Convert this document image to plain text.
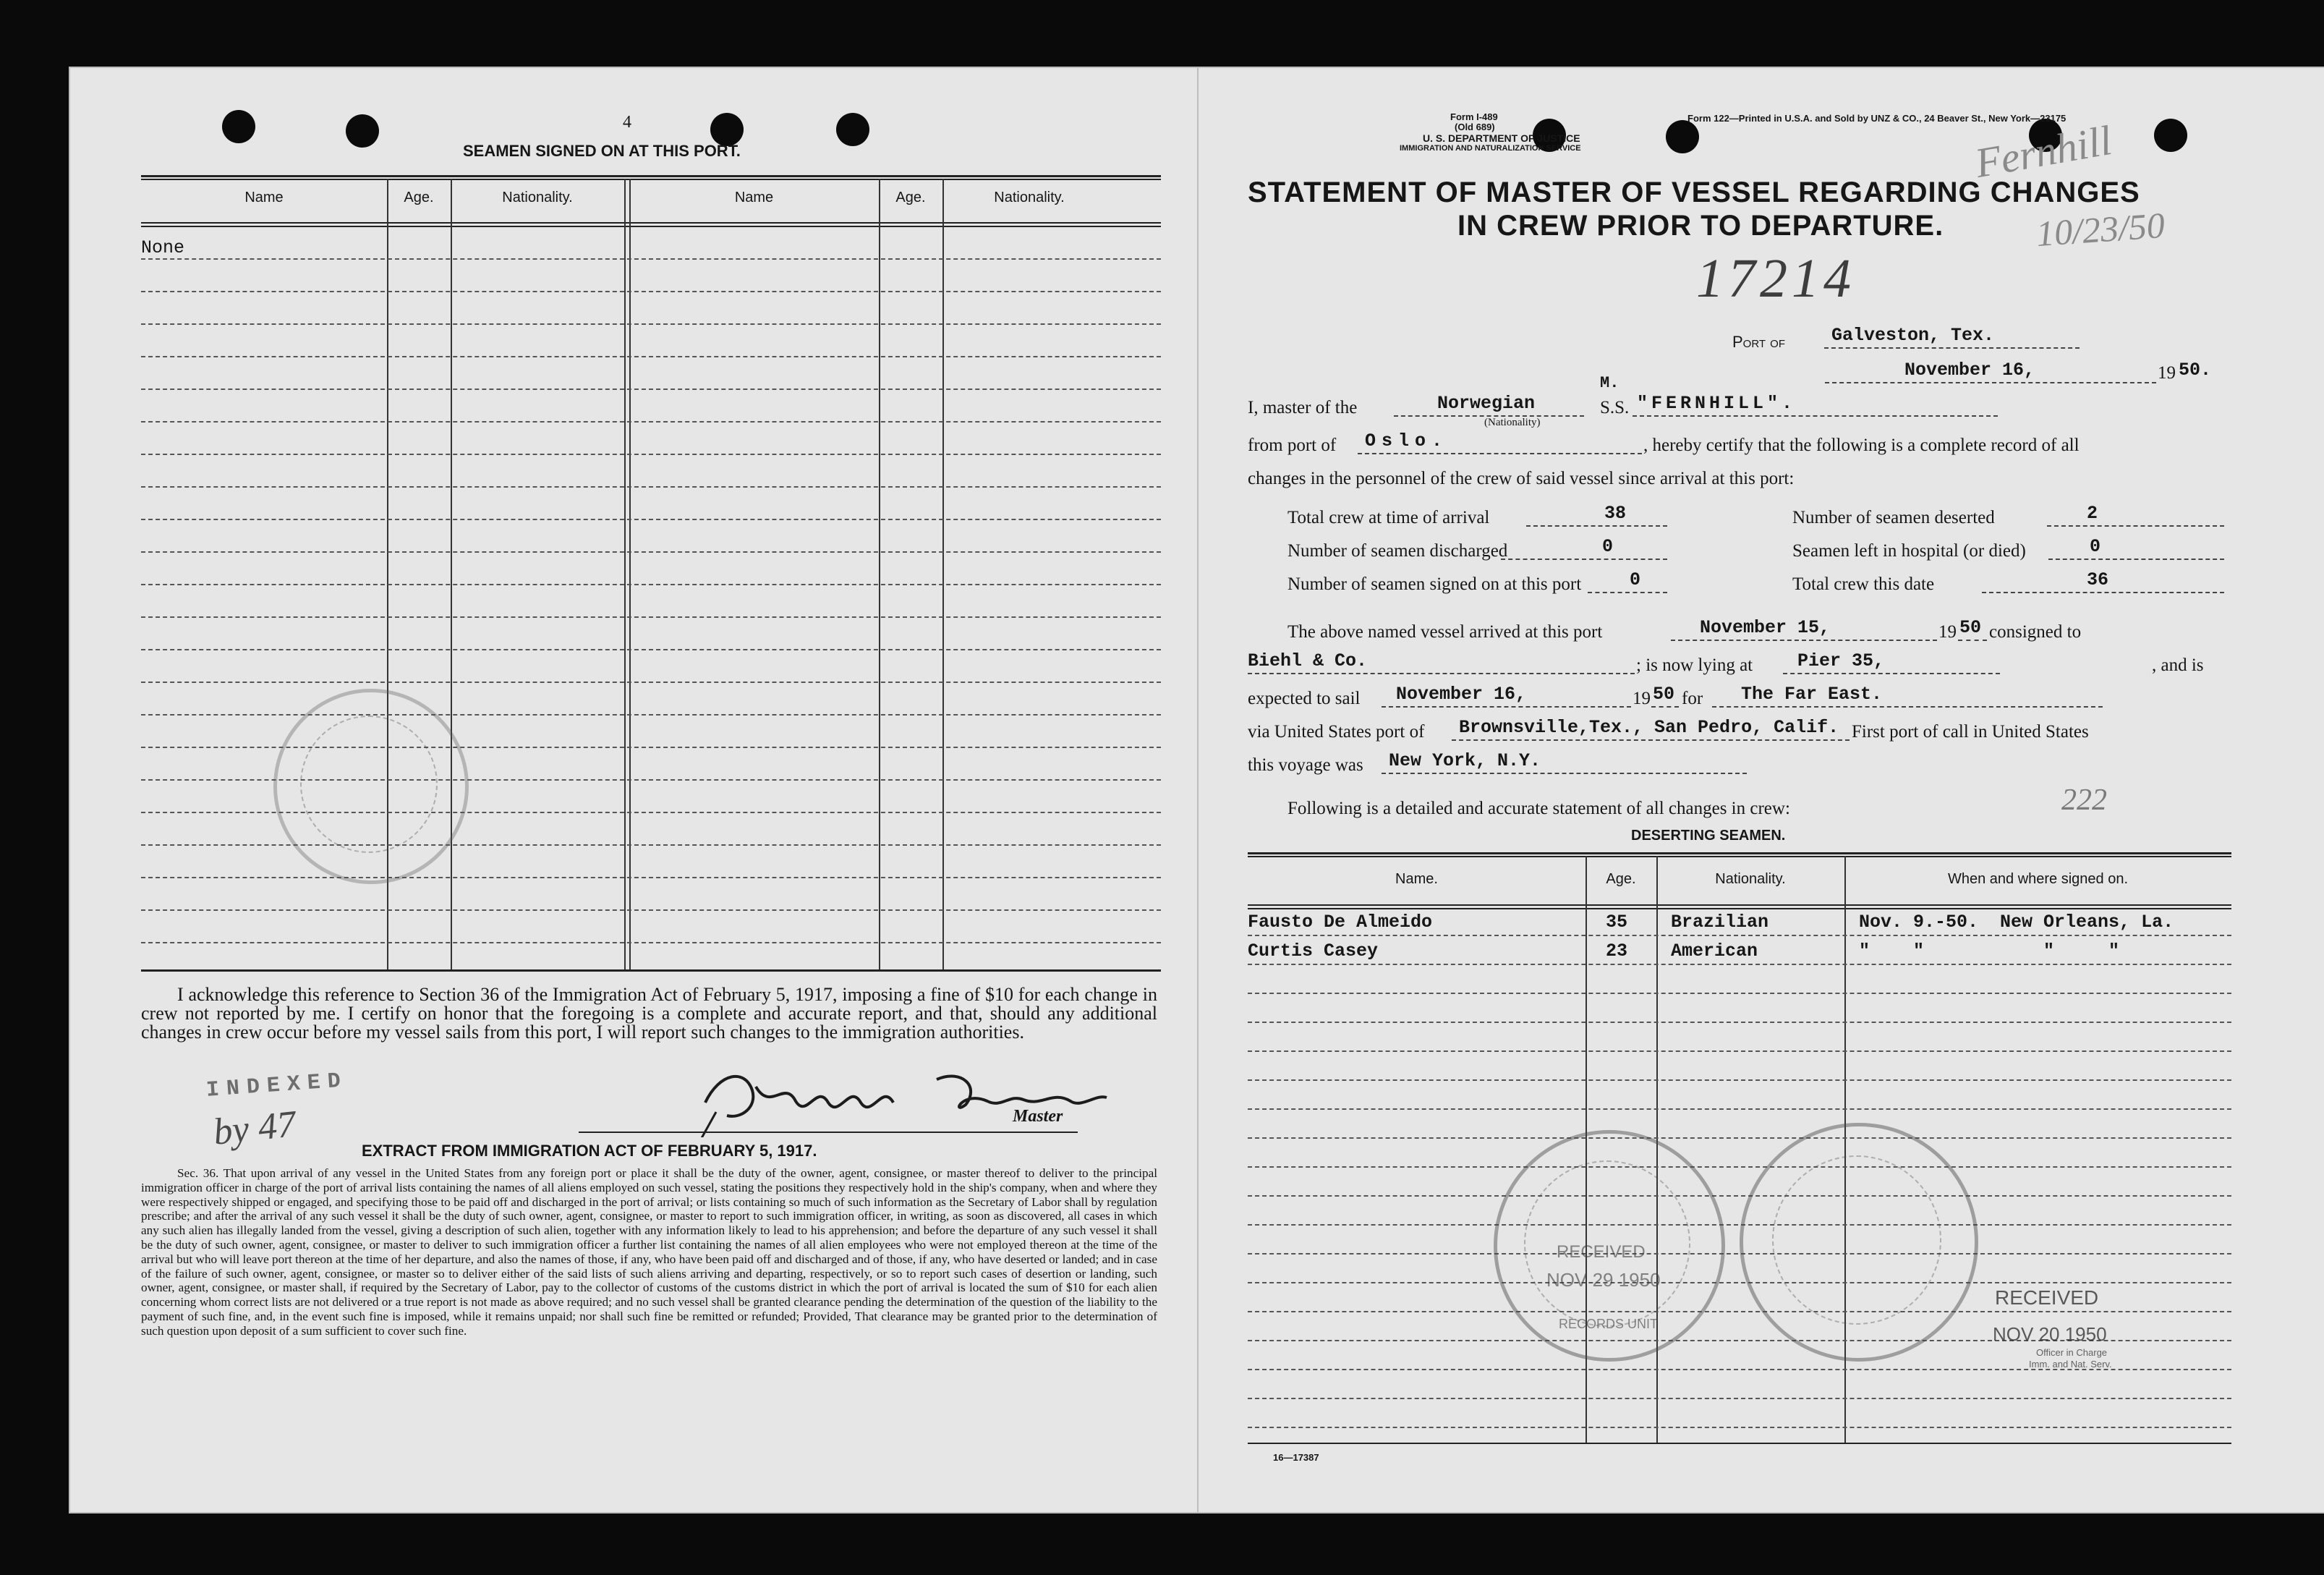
4
SEAMEN SIGNED ON AT THIS PORT.
Name	Age.	Nationality.	Name	Age.	Nationality.
None
I acknowledge this reference to Section 36 of the Immigration Act of February 5, 1917, imposing a fine of $10 for each change in crew not reported by me. I certify on honor that the foregoing is a complete and accurate report, and that, should any additional changes in crew occur before my vessel sails from this port, I will report such changes to the immigration authorities.
Master
INDEXED
by 47	EXTRACT FROM IMMIGRATION ACT OF FEBRUARY 5, 1917.
Sec. 36. That upon arrival of any vessel in the United States from any foreign port or place it shall be the duty of the owner, agent, consignee, or master thereof to deliver to the principal immigration officer in charge of the port of arrival lists containing the names of all aliens employed on such vessel, stating the positions they respectively hold in the ship's company, when and where they were respectively shipped or engaged, and specifying those to be paid off and discharged in the port of arrival; or lists containing so much of such information as the Secretary of Labor shall by regulation prescribe; and after the arrival of any such vessel it shall be the duty of such owner, agent, consignee, or master to report to such immigration officer, in writing, as soon as discovered, all cases in which any such alien has illegally landed from the vessel, giving a description of such alien, together with any information likely to lead to his apprehension; and before the departure of any such vessel it shall be the duty of such owner, agent, consignee, or master to deliver to such immigration officer a further list containing the names of all alien employees who were not employed thereon at the time of the arrival but who will leave port thereon at the time of her departure, and also the names of those, if any, who have been paid off and discharged and of those, if any, who have deserted or landed; and in case of the failure of such owner, agent, consignee, or master so to deliver either of the said lists of such aliens arriving and departing, respectively, or so to report such cases of desertion or landing, such owner, agent, consignee, or master shall, if required by the Secretary of Labor, pay to the collector of customs of the customs district in which the port of arrival is located the sum of $10 for each alien concerning whom correct lists are not delivered or a true report is not made as above required; and no such vessel shall be granted clearance pending the determination of the question of the liability to the payment of such fine, and, in the event such fine is imposed, while it remains unpaid; nor shall such fine be remitted or refunded; Provided, That clearance may be granted prior to the determination of such question upon deposit of a sum sufficient to cover such fine.
Form I-489
(Old 689)
U. S. DEPARTMENT OF JUSTICE
IMMIGRATION AND NATURALIZATION SERVICE
Form 122—Printed in U.S.A. and Sold by UNZ & CO., 24 Beaver St., New York—23175
Fernhill
10/23/50
STATEMENT OF MASTER OF VESSEL REGARDING CHANGES
IN CREW PRIOR TO DEPARTURE.
17214
Port of	Galveston, Tex.
November 16,	19 50.
I, master of the	Norwegian
(Nationality)
M.
S.S. "FERNHILL".
from port of	Oslo.	, hereby certify that the following is a complete record of all
changes in the personnel of the crew of said vessel since arrival at this port:
Total crew at time of arrival	38	Number of seamen deserted	2
Number of seamen discharged	0	Seamen left in hospital (or died)	0
Number of seamen signed on at this port	0	Total crew this date	36
The above named vessel arrived at this port	November 15,	19 50 consigned to
Biehl & Co.	; is now lying at	Pier 35,	, and is
expected to sail	November 16,	19 50 for	The Far East.
via United States port of	Brownsville,Tex., San Pedro, Calif. First port of call in United States
this voyage was	New York, N.Y.
Following is a detailed and accurate statement of all changes in crew:	222
DESERTING SEAMEN.
Name.	Age.	Nationality.	When and where signed on.
Fausto De Almeido	35 Brazilian	Nov. 9.-50.  New Orleans, La.
Curtis Casey	23 American	"    "           "     "
RECEIVED
NOV 29 1950
RECORDS UNIT
RECEIVED
NOV 20 1950
Officer in Charge
Imm. and Nat. Serv.
16—17387
